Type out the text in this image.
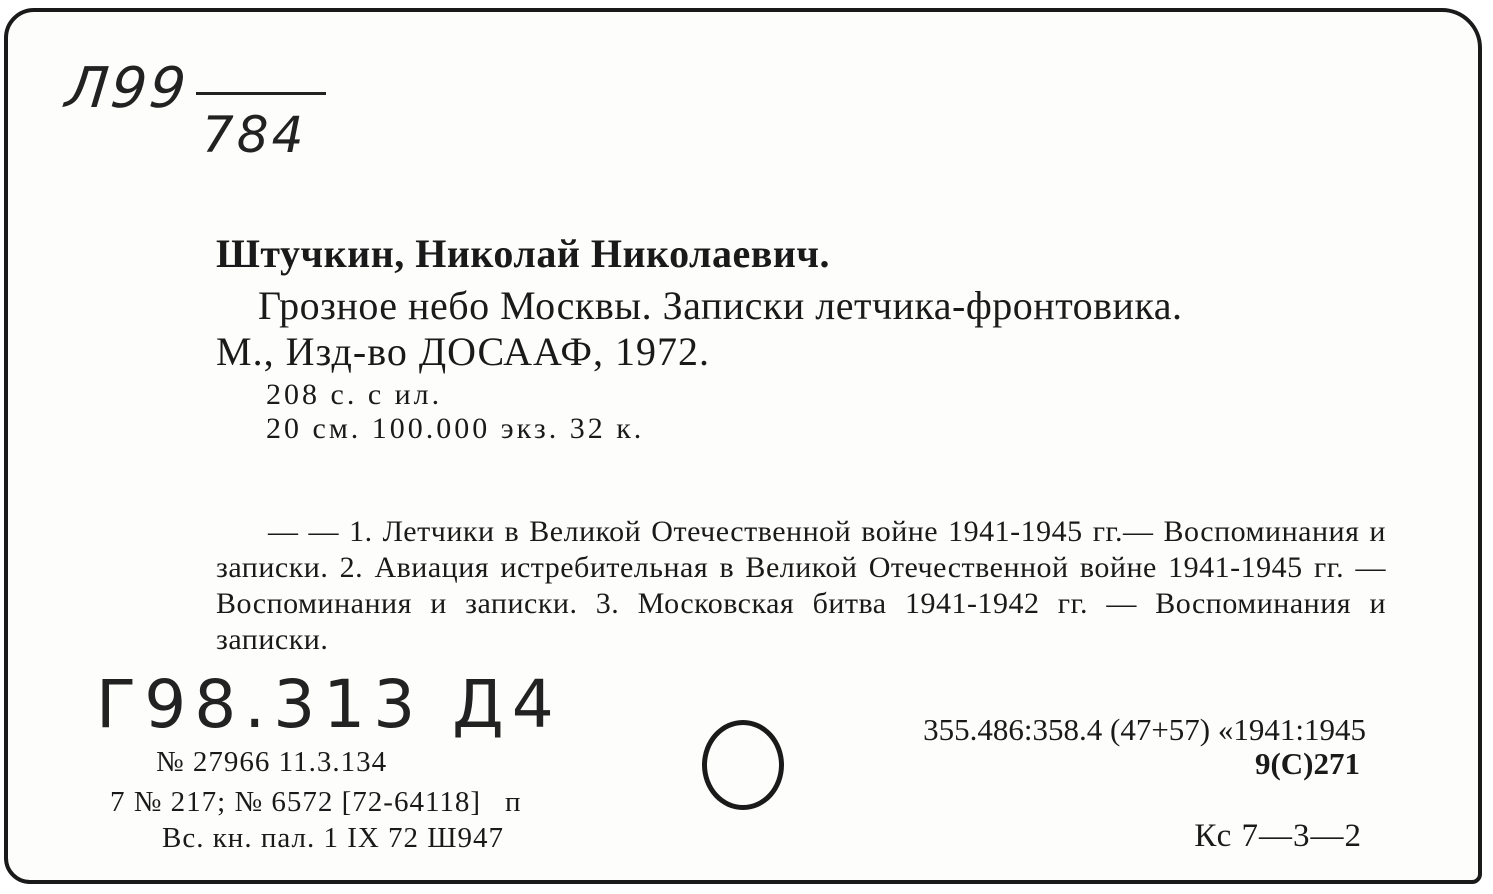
Л99
784
Штучкин, Николай Николаевич.
Грозное небо Москвы. Записки летчика-фронтовика.
М., Изд-во ДОСААФ, 1972.
208 с. с ил.
20 см. 100.000 экз. 32 к.
— — 1. Летчики в Великой Отечественной войне 1941-1945 гг.— Воспоминания и записки. 2. Авиация истребительная в Великой Отечественной войне 1941-1945 гг. — Воспоминания и записки. 3. Московская битва 1941-1942 гг. — Воспоминания и записки.
Г98.313 Д4
№ 27966 11.3.134
7 № 217; № 6572 [72-64118] п
Вс. кн. пал. 1 IX 72 Ш947
355.486:358.4 (47+57) «1941:1945
9(С)271
Кс 7—3—2
